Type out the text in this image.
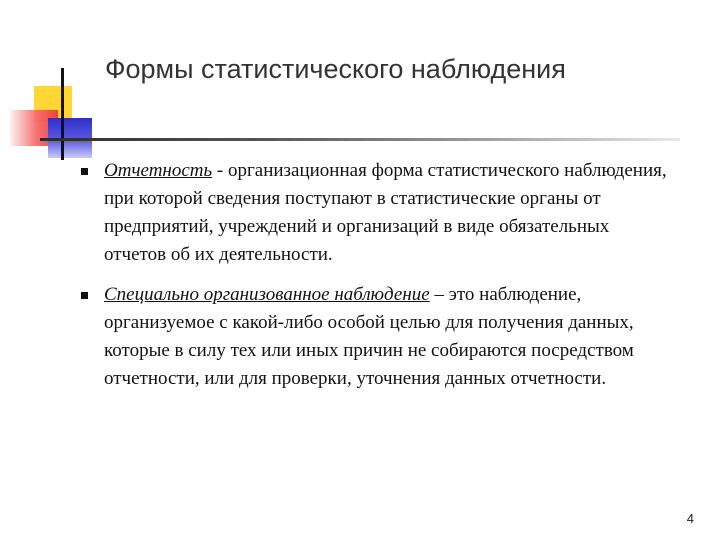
Формы статистического наблюдения
Отчетность - организационная форма статистического наблюдения, при которой сведения поступают в статистические органы от предприятий, учреждений и организаций в виде обязательных отчетов об их деятельности.
Специально организованное наблюдение – это наблюдение, организуемое с какой-либо особой целью для получения данных, которые в силу тех или иных причин не собираются посредством отчетности, или для проверки, уточнения данных отчетности.
4
